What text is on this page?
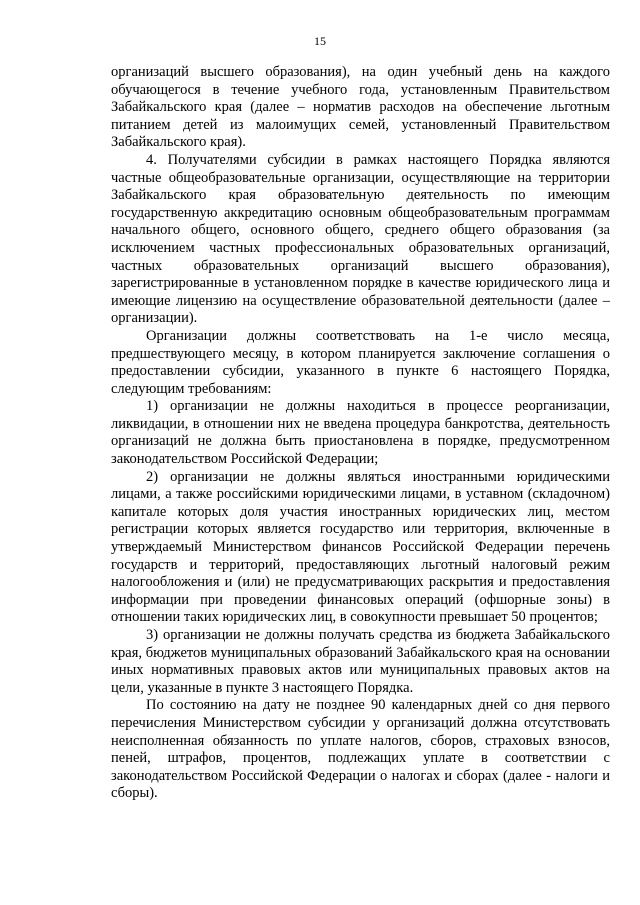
15

организаций высшего образования), на один учебный день на каждого обучающегося в течение учебного года, установленным Правительством Забайкальского края (далее – норматив расходов на обеспечение льготным питанием детей из малоимущих семей, установленный Правительством Забайкальского края).

4. Получателями субсидии в рамках настоящего Порядка являются частные общеобразовательные организации, осуществляющие на территории Забайкальского края образовательную деятельность по имеющим государственную аккредитацию основным общеобразовательным программам начального общего, основного общего, среднего общего образования (за исключением частных профессиональных образовательных организаций, частных образовательных организаций высшего образования), зарегистрированные в установленном порядке в качестве юридического лица и имеющие лицензию на осуществление образовательной деятельности (далее – организации).

Организации должны соответствовать на 1-е число месяца, предшествующего месяцу, в котором планируется заключение соглашения о предоставлении субсидии, указанного в пункте 6 настоящего Порядка, следующим требованиям:

1) организации не должны находиться в процессе реорганизации, ликвидации, в отношении них не введена процедура банкротства, деятельность организаций не должна быть приостановлена в порядке, предусмотренном законодательством Российской Федерации;

2) организации не должны являться иностранными юридическими лицами, а также российскими юридическими лицами, в уставном (складочном) капитале которых доля участия иностранных юридических лиц, местом регистрации которых является государство или территория, включенные в утверждаемый Министерством финансов Российской Федерации перечень государств и территорий, предоставляющих льготный налоговый режим налогообложения и (или) не предусматривающих раскрытия и предоставления информации при проведении финансовых операций (офшорные зоны) в отношении таких юридических лиц, в совокупности превышает 50 процентов;

3) организации не должны получать средства из бюджета Забайкальского края, бюджетов муниципальных образований Забайкальского края на основании иных нормативных правовых актов или муниципальных правовых актов на цели, указанные в пункте 3 настоящего Порядка.

По состоянию на дату не позднее 90 календарных дней со дня первого перечисления Министерством субсидии у организаций должна отсутствовать неисполненная обязанность по уплате налогов, сборов, страховых взносов, пеней, штрафов, процентов, подлежащих уплате в соответствии с законодательством Российской Федерации о налогах и сборах (далее - налоги и сборы).
